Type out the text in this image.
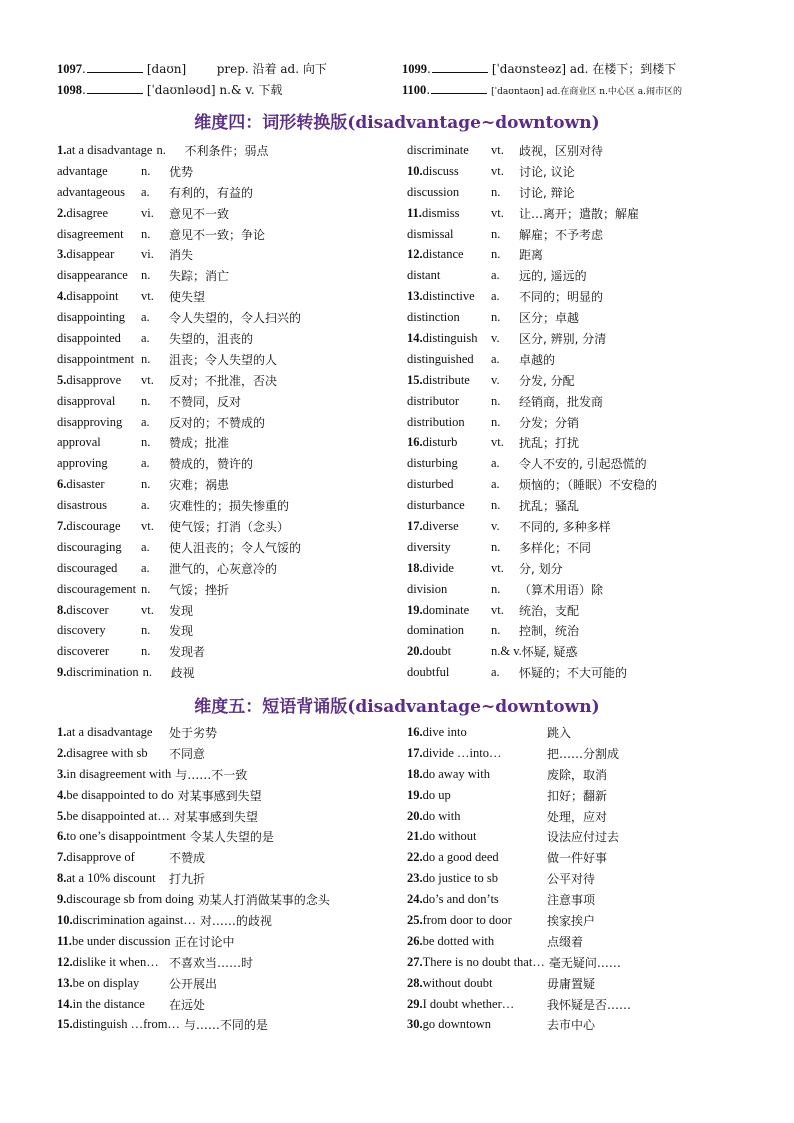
1097.	[daʊn]        prep. 沿着 ad. 向下	1099.	[ˈdaʊnsteəz] ad. 在楼下；到楼下
1098.	[ˈdaʊnləʊd] n.& v. 下载	1100.	[ˈdaʊntaʊn] ad.在商业区 n.中心区 a.闹市区的
维度四：词形转换版(disadvantage~downtown)
1.at a disadvantage n.	不利条件；弱点
advantage	n.	优势
advantageous	a.	有利的，有益的
2.disagree	vi.	意见不一致
disagreement	n.	意见不一致；争论
3.disappear	vi.	消失
disappearance	n.	失踪；消亡
4.disappoint	vt.	使失望
disappointing	a.	令人失望的，令人扫兴的
disappointed	a.	失望的，沮丧的
disappointment n.	沮丧；令人失望的人
5.disapprove	vt.	反对；不批准，否决
disapproval	n.	不赞同，反对
disapproving	a.	反对的；不赞成的
approval	n.	赞成；批准
approving	a.	赞成的，赞许的
6.disaster	n.	灾难；祸患
disastrous	a.	灾难性的；损失惨重的
7.discourage	vt.	使气馁；打消（念头）
discouraging	a.	使人沮丧的；令人气馁的
discouraged	a.	泄气的，心灰意冷的
discouragement n.	气馁；挫折
8.discover	vt.	发现
discovery	n.	发现
discoverer	n.	发现者
9.discrimination n.	歧视
discriminate	vt.	歧视，区别对待
10.discuss	vt.	讨论, 议论
discussion	n.	讨论, 辩论
11.dismiss	vt.	让…离开；遣散；解雇
dismissal	n.	解雇；不予考虑
12.distance	n.	距离
distant	a.	远的, 遥远的
13.distinctive	a.	不同的；明显的
distinction	n.	区分；卓越
14.distinguish	v.	区分, 辨别, 分清
distinguished	a.	卓越的
15.distribute	v.	分发, 分配
distributor	n.	经销商，批发商
distribution	n.	分发；分销
16.disturb	vt.	扰乱；打扰
disturbing	a.	令人不安的, 引起恐慌的
disturbed	a.	烦恼的；（睡眠）不安稳的
disturbance	n.	扰乱；骚乱
17.diverse	v.	不同的, 多种多样
diversity	n.	多样化；不同
18.divide	vt.	分, 划分
division	n.	（算术用语）除
19.dominate	vt.	统治，支配
domination	n.	控制，统治
20.doubt	n.& v. 怀疑, 疑惑
doubtful	a.	怀疑的；不大可能的
维度五：短语背诵版(disadvantage~downtown)
1.at a disadvantage	处于劣势
2.disagree with sb	不同意
3.in disagreement with 与……不一致
4.be disappointed to do 对某事感到失望
5.be disappointed at… 对某事感到失望
6.to one’s disappointment 令某人失望的是
7.disapprove of	不赞成
8.at a 10% discount	打九折
9.discourage sb from doing 劝某人打消做某事的念头
10.discrimination against… 对……的歧视
11.be under discussion 正在讨论中
12.dislike it when… 不喜欢当……时
13.be on display	公开展出
14.in the distance	在远处
15.distinguish …from… 与……不同的是
16.dive into	跳入
17.divide …into…	把……分割成
18.do away with	废除，取消
19.do up	扣好；翻新
20.do with	处理，应对
21.do without	设法应付过去
22.do a good deed	做一件好事
23.do justice to sb	公平对待
24.do’s and don’ts	注意事项
25.from door to door	挨家挨户
26.be dotted with	点缀着
27.There is no doubt that… 毫无疑问……
28.without doubt	毋庸置疑
29.I doubt whether…	我怀疑是否……
30.go downtown	去市中心
